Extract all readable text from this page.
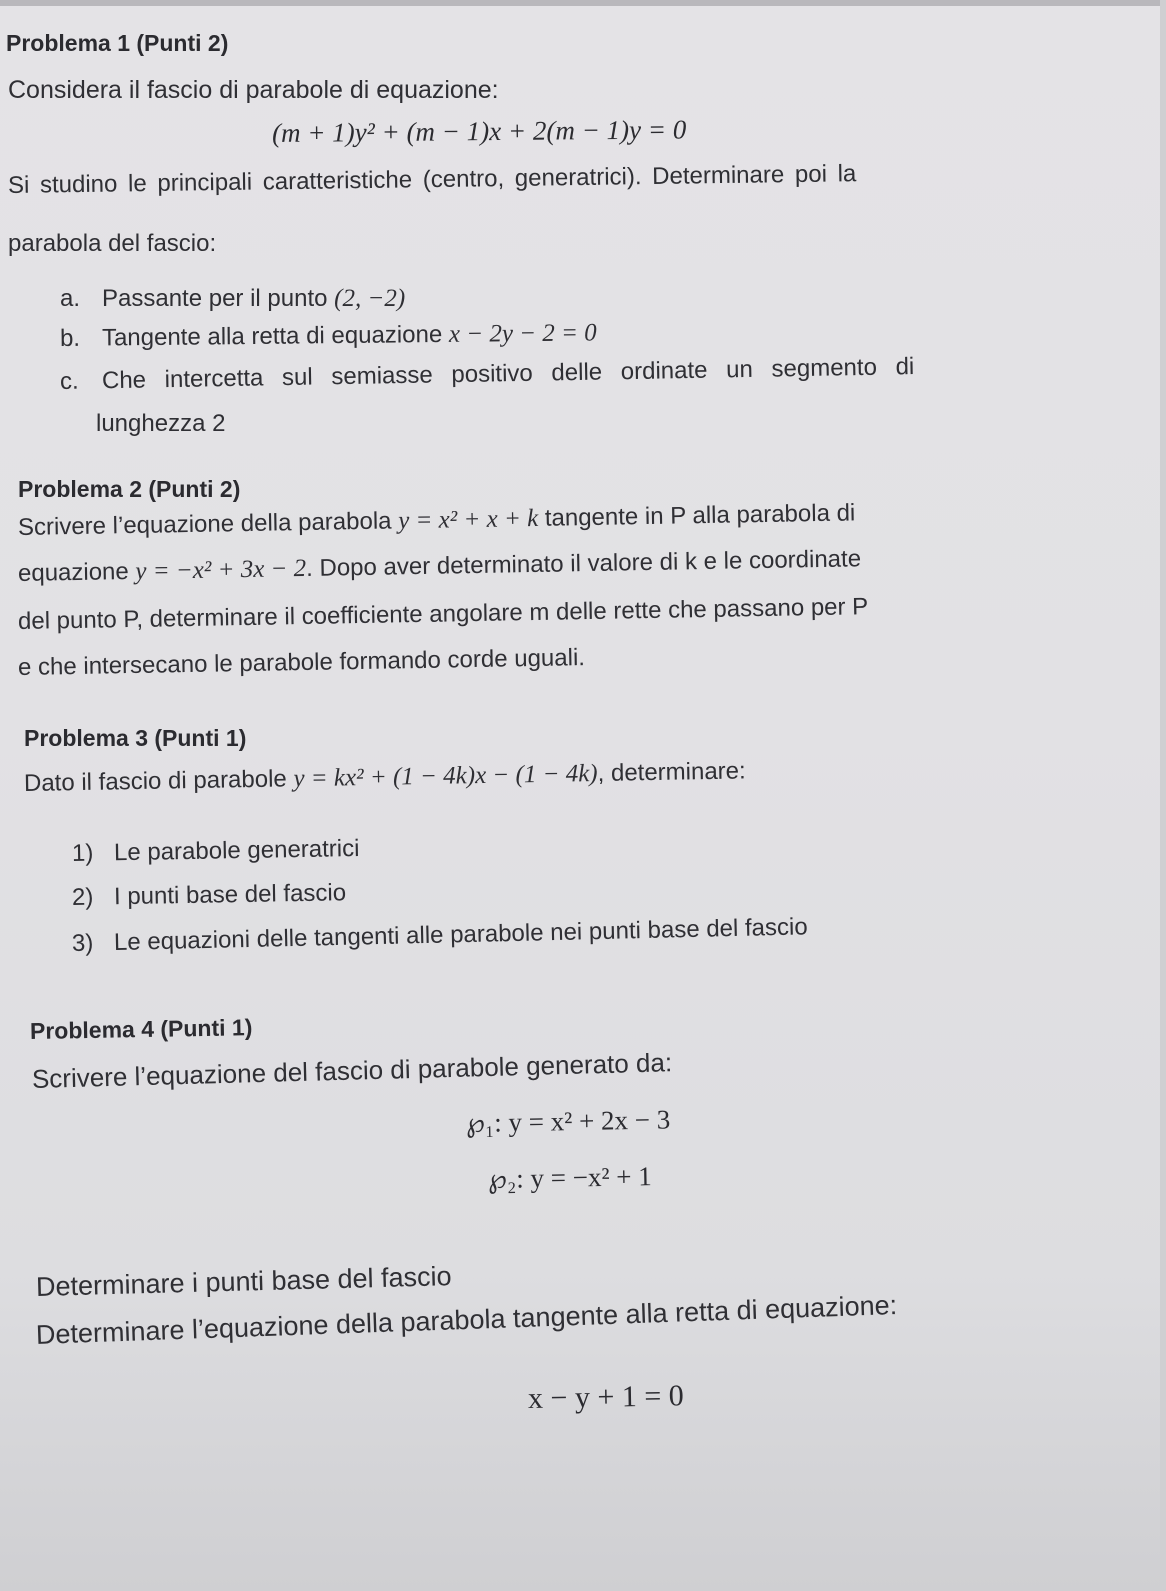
Problema 1 (Punti 2)
Considera il fascio di parabole di equazione:
(m + 1)y² + (m − 1)x + 2(m − 1)y = 0
Si studino le principali caratteristiche (centro, generatrici). Determinare poi la
parabola del fascio:
a. Passante per il punto (2, −2)
b. Tangente alla retta di equazione x − 2y − 2 = 0
c. Che intercetta sul semiasse positivo delle ordinate un segmento di
lunghezza 2
Problema 2 (Punti 2)
Scrivere l’equazione della parabola y = x² + x + k tangente in P alla parabola di
equazione y = −x² + 3x − 2. Dopo aver determinato il valore di k e le coordinate
del punto P, determinare il coefficiente angolare m delle rette che passano per P
e che intersecano le parabole formando corde uguali.
Problema 3 (Punti 1)
Dato il fascio di parabole y = kx² + (1 − 4k)x − (1 − 4k), determinare:
1) Le parabole generatrici
2) I punti base del fascio
3) Le equazioni delle tangenti alle parabole nei punti base del fascio
Problema 4 (Punti 1)
Scrivere l’equazione del fascio di parabole generato da:
℘₁: y = x² + 2x − 3
℘₂: y = −x² + 1
Determinare i punti base del fascio
Determinare l’equazione della parabola tangente alla retta di equazione:
x − y + 1 = 0
